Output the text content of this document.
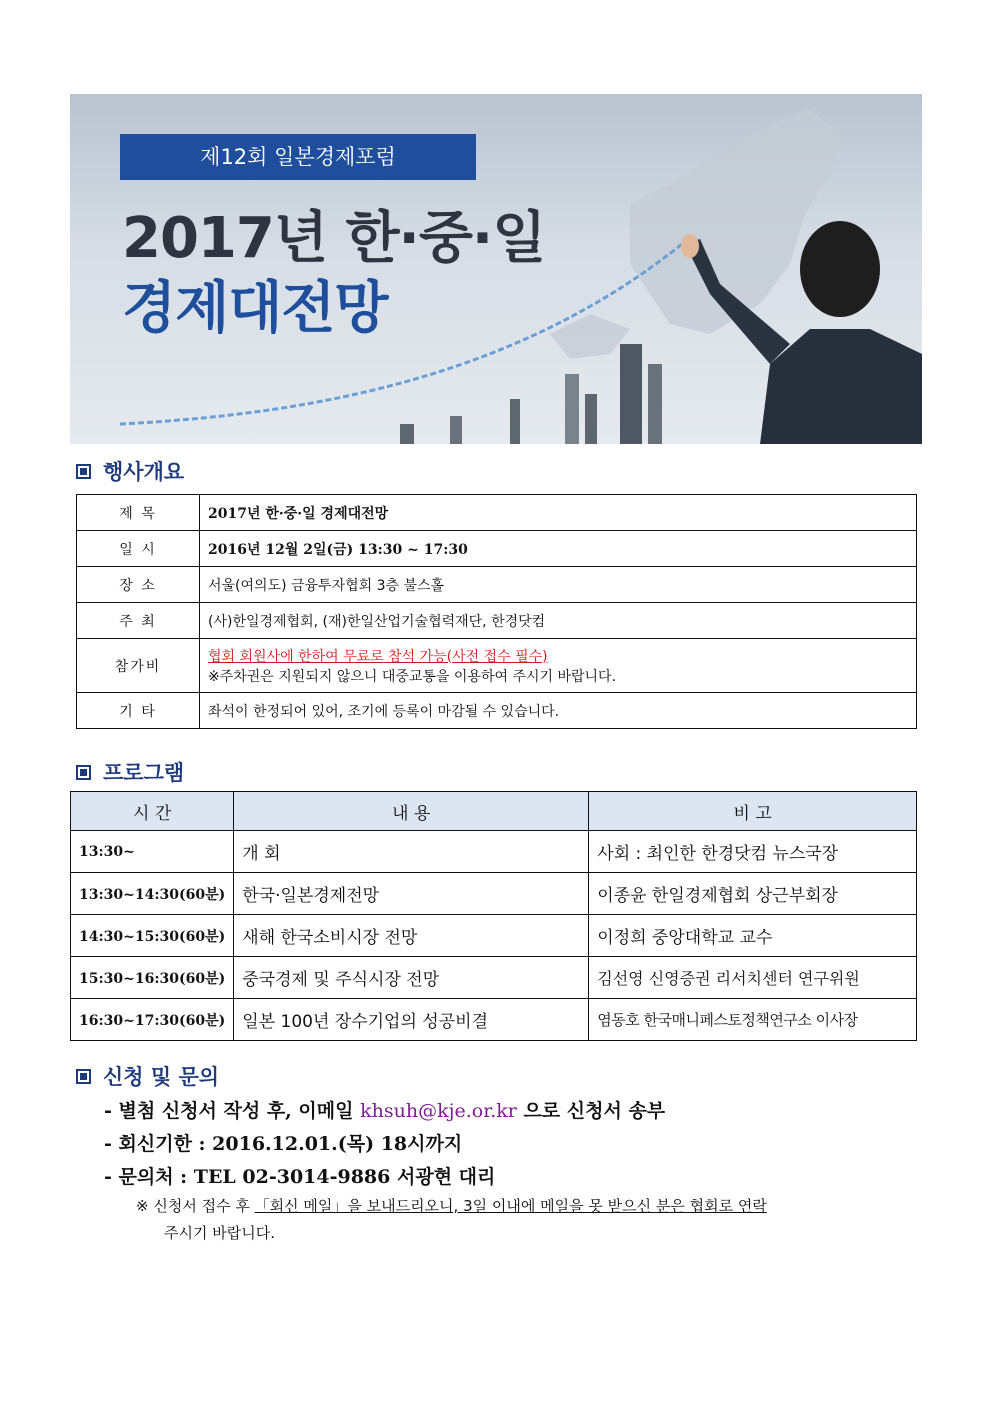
제12회 일본경제포럼
2017년 한·중·일
경제대전망
행사개요
제 목	2017년 한·중·일 경제대전망
일 시	2016년 12월 2일(금) 13:30 ~ 17:30
장 소	서울(여의도) 금융투자협회 3층 불스홀
주 최	(사)한일경제협회, (재)한일산업기술협력재단, 한경닷컴
참가비	협회 회원사에 한하여 무료로 참석 가능(사전 접수 필수)
※주차권은 지원되지 않으니 대중교통을 이용하여 주시기 바랍니다.

기 타	좌석이 한정되어 있어, 조기에 등록이 마감될 수 있습니다.
프로그램
시 간	내 용	비 고
13:30~	개 회	사회 : 최인한 한경닷컴 뉴스국장
13:30~14:30(60분)	한국·일본경제전망	이종윤 한일경제협회 상근부회장
14:30~15:30(60분)	새해 한국소비시장 전망	이정희 중앙대학교 교수
15:30~16:30(60분)	중국경제 및 주식시장 전망	김선영 신영증권 리서치센터 연구위원
16:30~17:30(60분)	일본 100년 장수기업의 성공비결	염동호 한국매니페스토정책연구소 이사장
신청 및 문의
- 별첨 신청서 작성 후, 이메일 khsuh@kje.or.kr 으로 신청서 송부
- 회신기한 : 2016.12.01.(목) 18시까지
- 문의처 : TEL 02-3014-9886 서광현 대리
※ 신청서 접수 후 「회신 메일」을 보내드리오니, 3일 이내에 메일을 못 받으신 분은 협회로 연락
주시기 바랍니다.
